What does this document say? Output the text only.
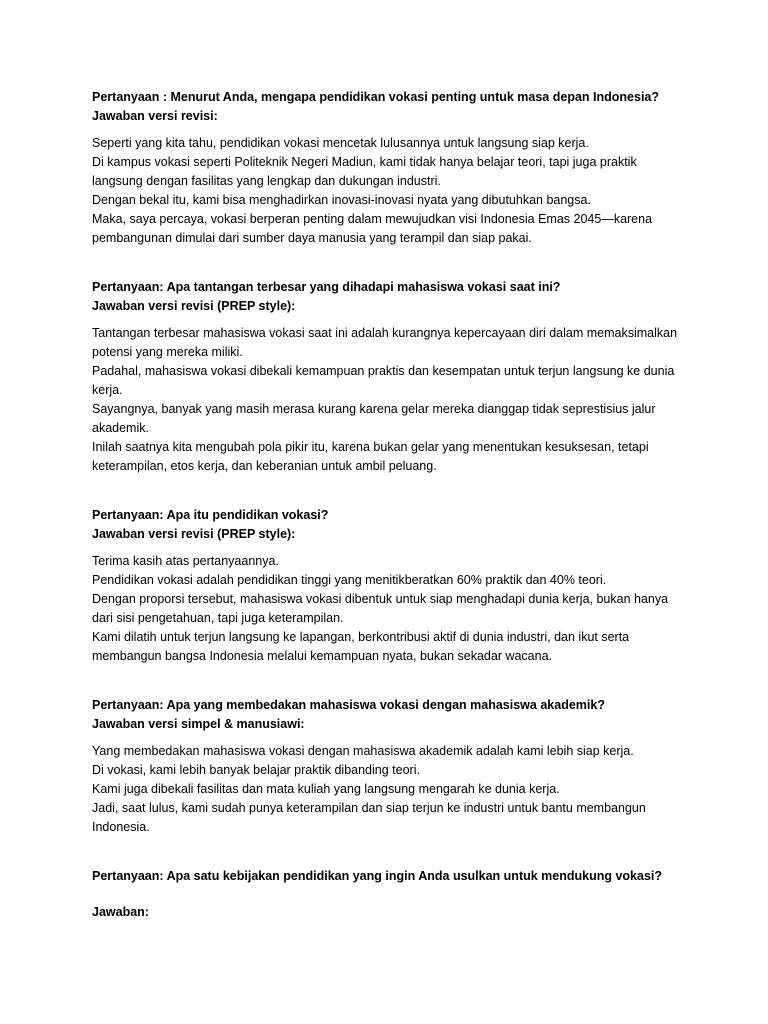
Pertanyaan : Menurut Anda, mengapa pendidikan vokasi penting untuk masa depan Indonesia?

Jawaban versi revisi:

Seperti yang kita tahu, pendidikan vokasi mencetak lulusannya untuk langsung siap kerja.

Di kampus vokasi seperti Politeknik Negeri Madiun, kami tidak hanya belajar teori, tapi juga praktik langsung dengan fasilitas yang lengkap dan dukungan industri.

Dengan bekal itu, kami bisa menghadirkan inovasi-inovasi nyata yang dibutuhkan bangsa.

Maka, saya percaya, vokasi berperan penting dalam mewujudkan visi Indonesia Emas 2045—karena pembangunan dimulai dari sumber daya manusia yang terampil dan siap pakai.

Pertanyaan: Apa tantangan terbesar yang dihadapi mahasiswa vokasi saat ini?

Jawaban versi revisi (PREP style):

Tantangan terbesar mahasiswa vokasi saat ini adalah kurangnya kepercayaan diri dalam memaksimalkan potensi yang mereka miliki.

Padahal, mahasiswa vokasi dibekali kemampuan praktis dan kesempatan untuk terjun langsung ke dunia kerja.

Sayangnya, banyak yang masih merasa kurang karena gelar mereka dianggap tidak seprestisius jalur akademik.

Inilah saatnya kita mengubah pola pikir itu, karena bukan gelar yang menentukan kesuksesan, tetapi keterampilan, etos kerja, dan keberanian untuk ambil peluang.

Pertanyaan: Apa itu pendidikan vokasi?

Jawaban versi revisi (PREP style):

Terima kasih atas pertanyaannya.

Pendidikan vokasi adalah pendidikan tinggi yang menitikberatkan 60% praktik dan 40% teori.

Dengan proporsi tersebut, mahasiswa vokasi dibentuk untuk siap menghadapi dunia kerja, bukan hanya dari sisi pengetahuan, tapi juga keterampilan.

Kami dilatih untuk terjun langsung ke lapangan, berkontribusi aktif di dunia industri, dan ikut serta membangun bangsa Indonesia melalui kemampuan nyata, bukan sekadar wacana.

Pertanyaan: Apa yang membedakan mahasiswa vokasi dengan mahasiswa akademik?

Jawaban versi simpel & manusiawi:

Yang membedakan mahasiswa vokasi dengan mahasiswa akademik adalah kami lebih siap kerja.

Di vokasi, kami lebih banyak belajar praktik dibanding teori.

Kami juga dibekali fasilitas dan mata kuliah yang langsung mengarah ke dunia kerja.

Jadi, saat lulus, kami sudah punya keterampilan dan siap terjun ke industri untuk bantu membangun Indonesia.

Pertanyaan: Apa satu kebijakan pendidikan yang ingin Anda usulkan untuk mendukung vokasi?

Jawaban:
